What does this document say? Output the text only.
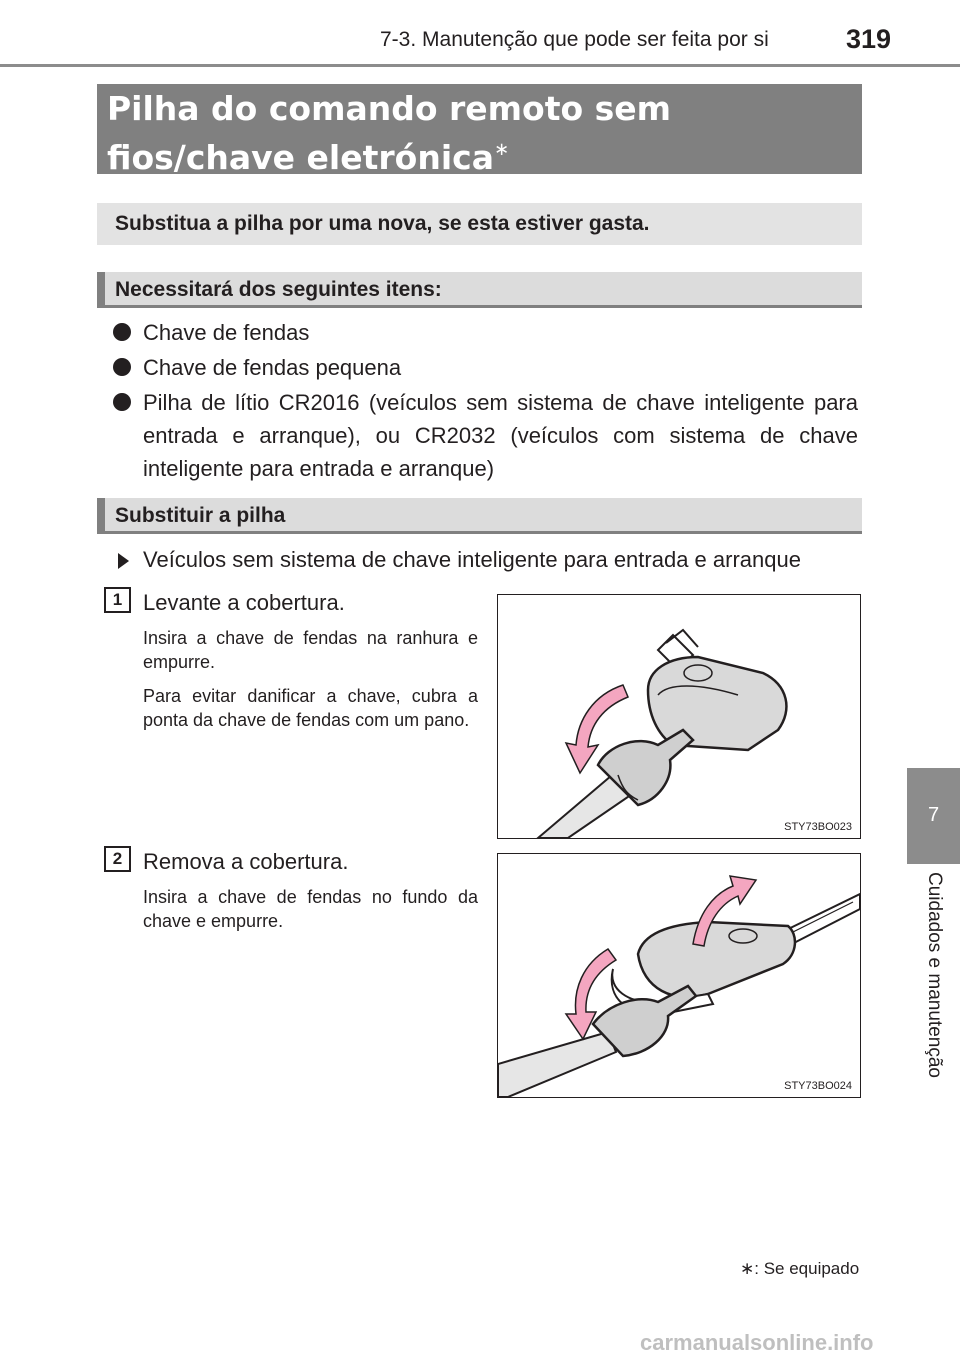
7-3. Manutenção que pode ser feita por si	319
7
Cuidados e manutenção
Pilha do comando remoto sem fios/chave eletrónica∗
Substitua a pilha por uma nova, se esta estiver gasta.
Necessitará dos seguintes itens:
Chave de fendas
Chave de fendas pequena
Pilha de lítio CR2016 (veículos sem sistema de chave inteligente para entrada e arranque), ou CR2032 (veículos com sistema de chave inteligente para entrada e arranque)
Substituir a pilha
Veículos sem sistema de chave inteligente para entrada e arranque
1 Levante a cobertura.

Insira a chave de fendas na ranhura e empurre.

Para evitar danificar a chave, cubra a ponta da chave de fendas com um pano.

STY73BO023
2 Remova a cobertura.

Insira a chave de fendas no fundo da chave e empurre.

STY73BO024
∗: Se equipado
carmanualsonline.info
